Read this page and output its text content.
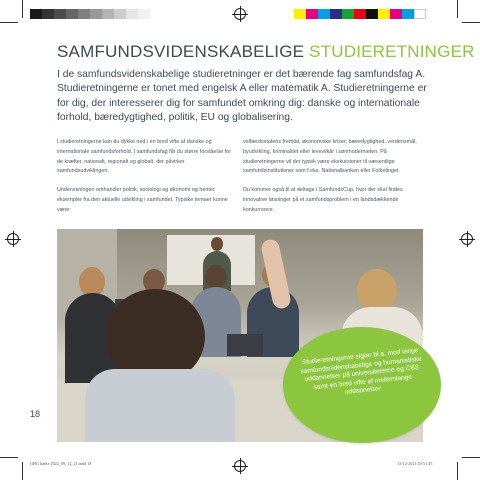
SAMFUNDSVIDENSKABELIGE STUDIERETNINGER

I de samfundsvidenskabelige studieretninger er det bærende fag samfundsfag A. Studieretningerne er tonet med engelsk A eller matematik A. Studieretningerne er for dig, der interesserer dig for samfundet omkring dig: danske og internationale forhold, bæredygtighed, politik, EU og globalisering.

I studieretningerne kan du dykke ned i en bred vifte af danske og internationale samfundsforhold. I samfundsfag får du større forståelse for de kræfter, nationalt, regionalt og globalt, der påvirker samfundsudviklingen.

Undervisningen omhandler politik, sociologi og økonomi og henter eksempler fra den aktuelle udvikling i samfundet. Typiske temaer kunne være:

velfærdsstatens fremtid, økonomiske kriser, bæredygtighed, verdensmål, byudvikling, kriminalitet eller levevilkår i sønmodernieten. På studieretningerne vil der typisk være ekskursioner til væsentlige samfundsinstitutioner som f.eks. Nationalbanken eller Folketinget.

Du kommer også til at deltage i SamfundsCup, hvor der skal findes innovative løsninger på et samfundsproblem i en landsdækkende konkurrence.

Studieretningerne sigter bl.a. mod lange samfundsvidenskabelige og humanistiske uddannelser på universiteterne og CBS samt en bred vifte af mellemlange uddannelser.

18
GHG hæfte 2022_09_12_21.indd 18	13-12-2021 10:51:45
